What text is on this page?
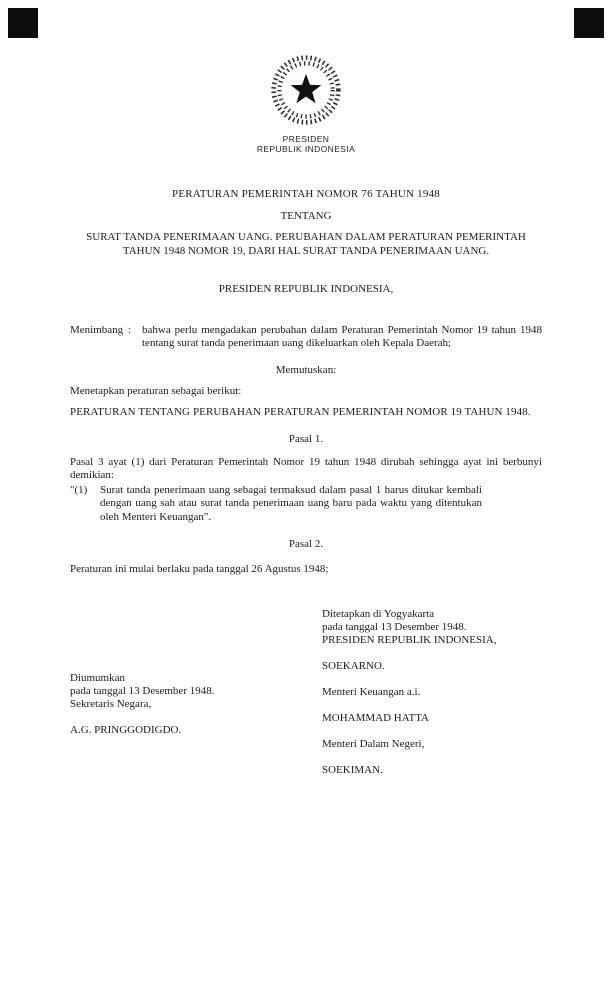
PRESIDEN
REPUBLIK INDONESIA
PERATURAN PEMERINTAH NOMOR 76 TAHUN 1948
TENTANG
SURAT TANDA PENERIMAAN UANG. PERUBAHAN DALAM PERATURAN PEMERINTAH TAHUN 1948 NOMOR 19, DARI HAL SURAT TANDA PENERIMAAN UANG.
PRESIDEN REPUBLIK INDONESIA,
Menimbang : bahwa perlu mengadakan perubahan dalam Peraturan Pemerintah Nomor 19 tahun 1948 tentang surat tanda penerimaan uang dikeluarkan oleh Kepala Daerah;
Memutuskan:
Menetapkan peraturan sebagai berikut:
PERATURAN TENTANG PERUBAHAN PERATURAN PEMERINTAH NOMOR 19 TAHUN 1948.
Pasal 1.
Pasal 3 ayat (1) dari Peraturan Pemerintah Nomor 19 tahun 1948 dirubah sehingga ayat ini berbunyi demikian:
"(1)	Surat tanda penerimaan uang sebagai termaksud dalam pasal 1 harus ditukar kembali dengan uang sah atau surat tanda penerimaan uang baru pada waktu yang ditentukan oleh Menteri Keuangan".
Pasal 2.
Peraturan ini mulai berlaku pada tanggal 26 Agustus 1948;
Ditetapkan di Yogyakarta
pada tanggal 13 Desember 1948.
PRESIDEN REPUBLIK INDONESIA,
SOEKARNO.
Menteri Keuangan a.i.
MOHAMMAD HATTA
Menteri Dalam Negeri,
SOEKIMAN.
Diumumkan
pada tanggal 13 Desember 1948.
Sekretaris Negara,
A.G. PRINGGODIGDO.
